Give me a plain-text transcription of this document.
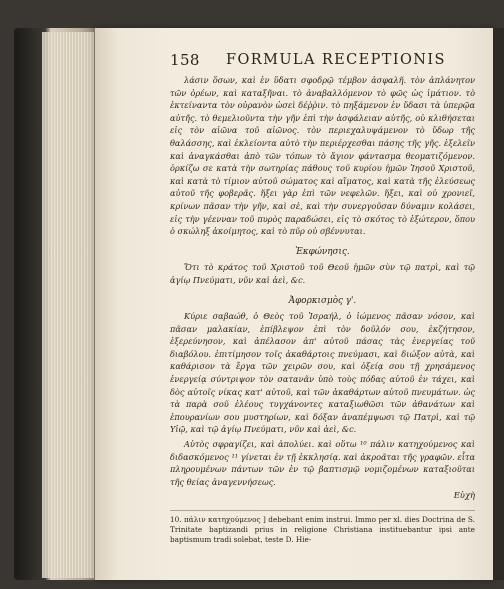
158 FORMULA RECEPTIONIS

λάσιν ὅσων, καὶ ἐν ὕδατι σφοδρῷ τέμβον ἀσφαλῆ. τὸν ἀπλάνητον τῶν ὀρέων, καὶ καταξῆναι. τὸ ἀναβαλλόμενον τὸ φῶς ὡς ἱμάτιον. τὸ ἐκτείναντα τὸν οὐρανὸν ὡσεὶ δέῤῥιν. τὸ πηξάμενον ἐν ὕδασι τὰ ὑπερῷα αὐτῆς. τὸ θεμελιοῦντα τὴν γῆν ἐπὶ τὴν ἀσφάλειαν αὐτῆς, οὐ κλιθήσεται εἰς τὸν αἰῶνα τοῦ αἰῶνος. τὸν περιεχαλυψάμενον τὸ ὕδωρ τῆς θαλάσσης, καὶ ἐκλείοντα αὐτὸ τὴν περιέρχεσθαι πάσης τῆς γῆς. ἐξελεῖν καὶ ἀναγκάσθαι ἀπὸ τῶν τόπων τὸ ἄγιον φάντασμα θεοματιζόμενον. ὀρκίζω σε κατὰ τὴν σωτηρίας πάθους τοῦ κυρίου ἡμῶν Ἰησοῦ Χριστοῦ, καὶ κατὰ τὸ τίμιον αὐτοῦ σώματος καὶ αἵματος, καὶ κατὰ τῆς ἐλεύσεως αὐτοῦ τῆς φοβερᾶς. ἥξει γὰρ ἐπὶ τῶν νεφελῶν. ἥξει, καὶ οὐ χρονιεῖ, κρίνων πᾶσαν τὴν γῆν, καὶ σὲ, καὶ τὴν συνεργοῦσαν δύναμιν κολάσει, εἰς τὴν γέενναν τοῦ πυρὸς παραδώσει, εἰς τὸ σκότος τὸ ἐξώτερον, ὅπου ὁ σκώληξ ἀκοίμητος, καὶ τὸ πῦρ οὐ σβέννυται.

Ἐκφώνησις.

Ὅτι τὸ κράτος τοῦ Χριστοῦ τοῦ Θεοῦ ἡμῶν σὺν τῷ πατρὶ, καὶ τῷ ἁγίῳ Πνεύματι, νῦν καὶ ἀεὶ, &c.

Ἀφορκισμὸς γ'.

Κύριε σαβαώθ, ὁ Θεὸς τοῦ Ἰσραήλ, ὁ ἰώμενος πᾶσαν νόσον, καὶ πᾶσαν μαλακίαν, ἐπίβλεψον ἐπὶ τὸν δοῦλόν σου, ἐκζήτησον, ἐξερεύνησον, καὶ ἀπέλασον ἀπ' αὐτοῦ πάσας τὰς ἐνεργείας τοῦ διαβόλου. ἐπιτίμησον τοῖς ἀκαθάρτοις πνεύμασι, καὶ διώξον αὐτὰ, καὶ καθάρισον τὰ ἔργα τῶν χειρῶν σου, καὶ ὀξείᾳ σου τῇ χρησάμενος ἐνεργείᾳ σύντριψον τὸν σατανᾶν ὑπὸ τοὺς πόδας αὐτοῦ ἐν τάχει, καὶ δὸς αὐτοῖς νίκας κατ' αὐτοῦ, καὶ τῶν ἀκαθάρτων αὐτοῦ πνευμάτων. ὡς τὰ παρὰ σοῦ ἐλέους τυγχάνοντες καταξιωθῶσι τῶν ἀθανάτων καὶ ἐπουρανίων σου μυστηρίων, καὶ δόξαν ἀναπέμψωσι τῷ Πατρὶ, καὶ τῷ Υἱῷ, καὶ τῷ ἁγίῳ Πνεύματι, νῦν καὶ ἀεὶ, &c.

Αὐτὸς σφραγίζει, καὶ ἀπολύει. καὶ οὕτω ¹⁰ πάλιν κατηχούμενος καὶ διδασκόμενος ¹¹ γίνεται ἐν τῇ ἐκκλησίᾳ. καὶ ἀκροᾶται τῆς γραφῶν. εἶτα πληρουμένων πάντων τῶν ἐν τῷ βαπτισμῷ νομιζομένων καταξιοῦται τῆς θείας ἀναγεννήσεως.

Εὐχὴ
10. πάλιν κατηχούμενος ] debebant enim instrui. Immo per xl. dies Doctrina de S. Trinitate baptizandi prius in religione Christiana instituebantur ipsi ante baptismum tradi solebat, teste D. Hie-
